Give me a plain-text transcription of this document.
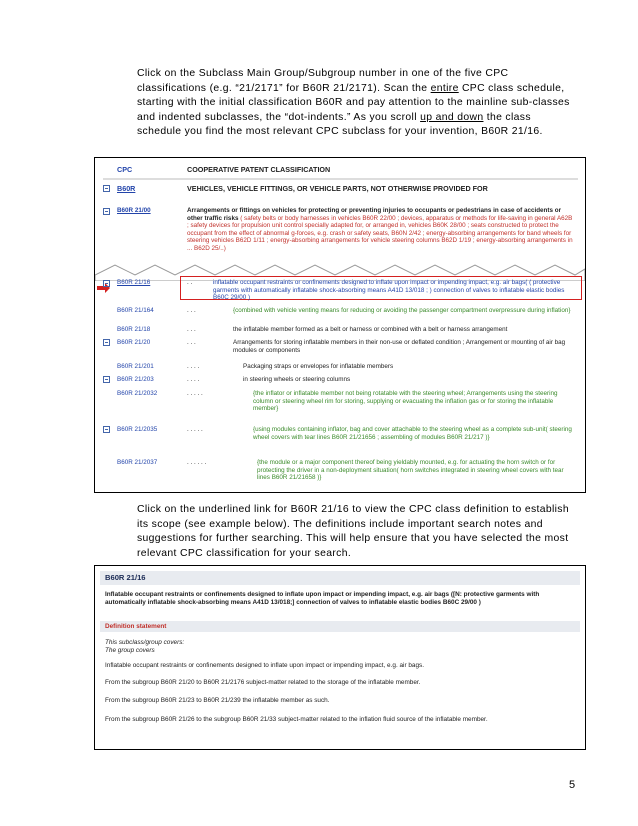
Click on the Subclass Main Group/Subgroup number in one of the five CPC classifications (e.g. “21/2171” for B60R 21/2171). Scan the entire CPC class schedule, starting with the initial classification B60R and pay attention to the mainline sub-classes and indented subclasses, the “dot-indents.” As you scroll up and down the class schedule you find the most relevant CPC subclass for your invention, B60R 21/16.
CPC	COOPERATIVE PATENT CLASSIFICATION
B60R	VEHICLES, VEHICLE FITTINGS, OR VEHICLE PARTS, NOT OTHERWISE PROVIDED FOR
B60R 21/00	Arrangements or fittings on vehicles for protecting or preventing injuries to occupants or pedestrians in case of accidents or other traffic risks ( safety belts or body harnesses in vehicles B60R 22/00 ; devices, apparatus or methods for life-saving in general A62B ; safety devices for propulsion unit control specially adapted for, or arranged in, vehicles B60K 28/00 ; seats constructed to protect the occupant from the effect of abnormal g-forces, e.g. crash or safety seats, B60N 2/42 ; energy-absorbing arrangements for band wheels for steering vehicles B62D 1/11 ; energy-absorbing arrangements for vehicle steering columns B62D 1/19 ; energy-absorbing arrangements in ... B62D 25/..)
B60R 21/16	. .	inflatable occupant restraints or confinements designed to inflate upon impact or impending impact, e.g. air bags( ( protective garments with automatically inflatable shock-absorbing means A41D 13/018 ; ) connection of valves to inflatable elastic bodies B60C 29/00 )
B60R 21/164	. . .	{combined with vehicle venting means for reducing or avoiding the passenger compartment overpressure during inflation}
B60R 21/18	. . .	the inflatable member formed as a belt or harness or combined with a belt or harness arrangement
B60R 21/20	. . .	Arrangements for storing inflatable members in their non-use or deflated condition ; Arrangement or mounting of air bag modules or components
B60R 21/201	. . . .	Packaging straps or envelopes for inflatable members
B60R 21/203	. . . .	in steering wheels or steering columns
B60R 21/2032	. . . . .	{the inflator or inflatable member not being rotatable with the steering wheel; Arrangements using the steering column or steering wheel rim for storing, supplying or evacuating the inflation gas or for storing the inflatable member}
B60R 21/2035	. . . . .	{using modules containing inflator, bag and cover attachable to the steering wheel as a complete sub-unit( steering wheel covers with tear lines B60R 21/21656 ; assembling of modules B60R 21/217 )}
B60R 21/2037	. . . . . .	{the module or a major component thereof being yieldably mounted, e.g. for actuating the horn switch or for protecting the driver in a non-deployment situation( horn switches integrated in steering wheel covers with tear lines B60R 21/21658 )}
Click on the underlined link for B60R 21/16 to view the CPC class definition to establish its scope (see example below). The definitions include important search notes and suggestions for further searching. This will help ensure that you have selected the most relevant CPC classification for your search.
B60R 21/16
Inflatable occupant restraints or confinements designed to inflate upon impact or impending impact, e.g. air bags ([N: protective garments with automatically inflatable shock-absorbing means A41D 13/018;] connection of valves to inflatable elastic bodies B60C 29/00 )
Definition statement
This subclass/group covers:
The group covers
Inflatable occupant restraints or confinements designed to inflate upon impact or impending impact, e.g. air bags.
From the subgroup B60R 21/20 to B60R 21/2176 subject-matter related to the storage of the inflatable member.
From the subgroup B60R 21/23 to B60R 21/239 the inflatable member as such.
From the subgroup B60R 21/26 to the subgroup B60R 21/33 subject-matter related to the inflation fluid source of the inflatable member.
5
